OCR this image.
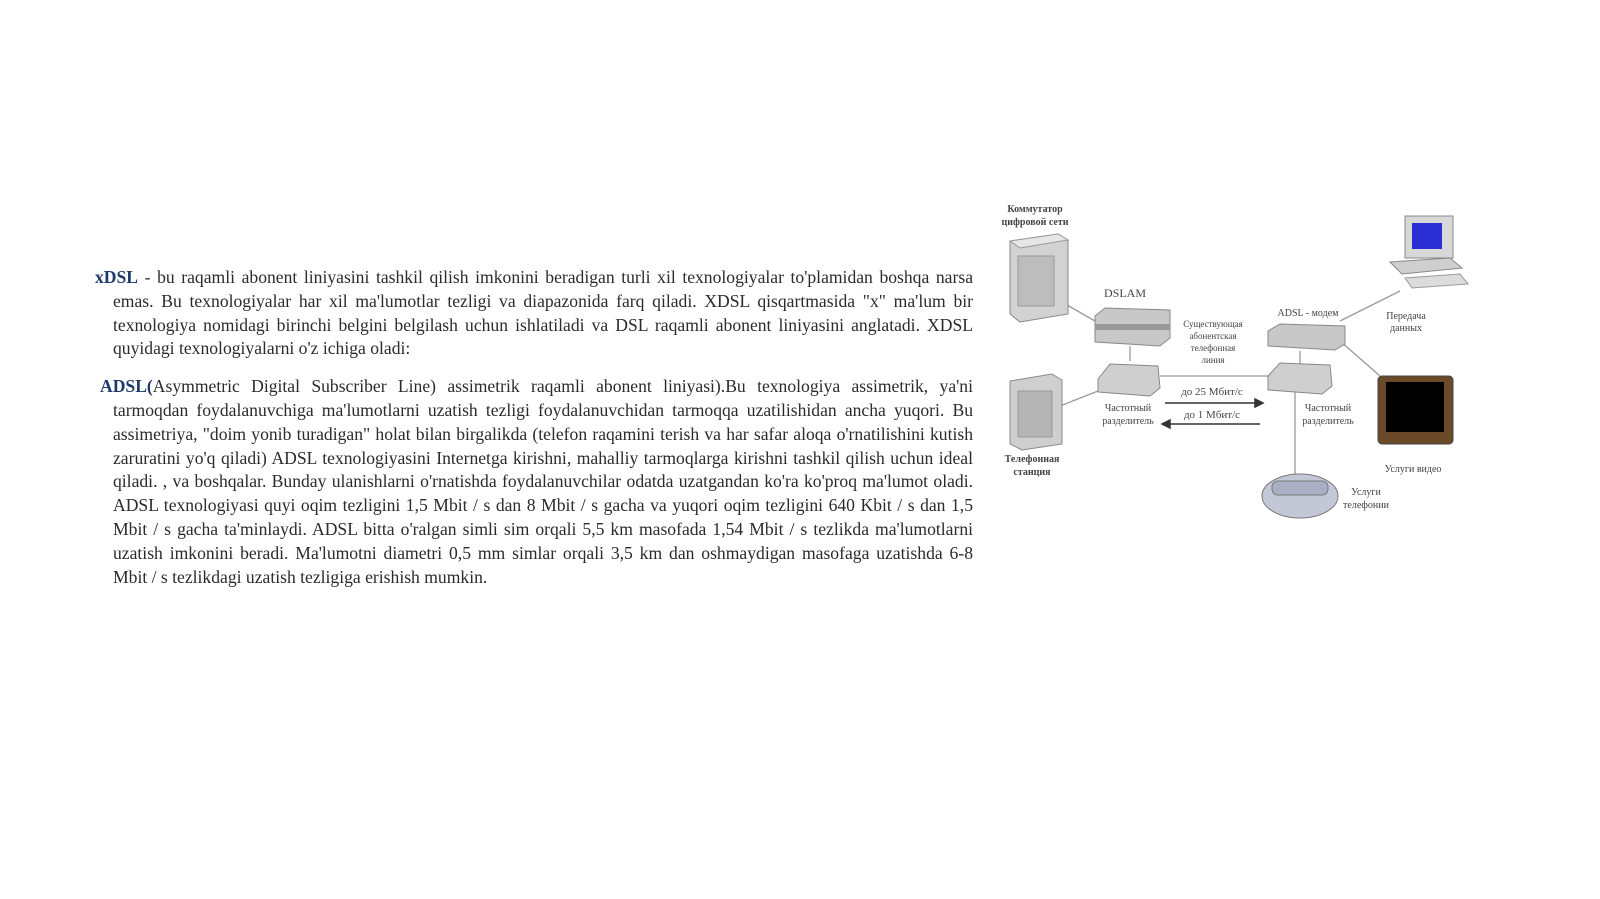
xDSL - bu raqamli abonent liniyasini tashkil qilish imkonini beradigan turli xil texnologiyalar to'plamidan boshqa narsa emas. Bu texnologiyalar har xil ma'lumotlar tezligi va diapazonida farq qiladi. XDSL qisqartmasida "x" ma'lum bir texnologiya nomidagi birinchi belgini belgilash uchun ishlatiladi va DSL raqamli abonent liniyasini anglatadi. XDSL quyidagi texnologiyalarni o'z ichiga oladi:

ADSL(Asymmetric Digital Subscriber Line) assimetrik raqamli abonent liniyasi).Bu texnologiya assimetrik, ya'ni tarmoqdan foydalanuvchiga ma'lumotlarni uzatish tezligi foydalanuvchidan tarmoqqa uzatilishidan ancha yuqori. Bu assimetriya, "doim yonib turadigan" holat bilan birgalikda (telefon raqamini terish va har safar aloqa o'rnatilishini kutish zaruratini yo'q qiladi) ADSL texnologiyasini Internetga kirishni, mahalliy tarmoqlarga kirishni tashkil qilish uchun ideal qiladi. , va boshqalar. Bunday ulanishlarni o'rnatishda foydalanuvchilar odatda uzatgandan ko'ra ko'proq ma'lumot oladi. ADSL texnologiyasi quyi oqim tezligini 1,5 Mbit / s dan 8 Mbit / s gacha va yuqori oqim tezligini 640 Kbit / s dan 1,5 Mbit / s gacha ta'minlaydi. ADSL bitta o'ralgan simli sim orqali 5,5 km masofada 1,54 Mbit / s tezlikda ma'lumotlarni uzatish imkonini beradi. Ma'lumotni diametri 0,5 mm simlar orqali 3,5 km dan oshmaydigan masofaga uzatishda 6-8 Mbit / s tezlikdagi uzatish tezligiga erishish mumkin.

Коммутатор
цифровой сети
DSLAM
Существующая
абонентская
телефонная
линия
ADSL - модем	Передача
данных
Частотный
разделитель
до 25 Мбит/с
до 1 Мбит/с
Частотный
разделитель
Телефонная
станция	Услуги видео
Услуги
телефонии
